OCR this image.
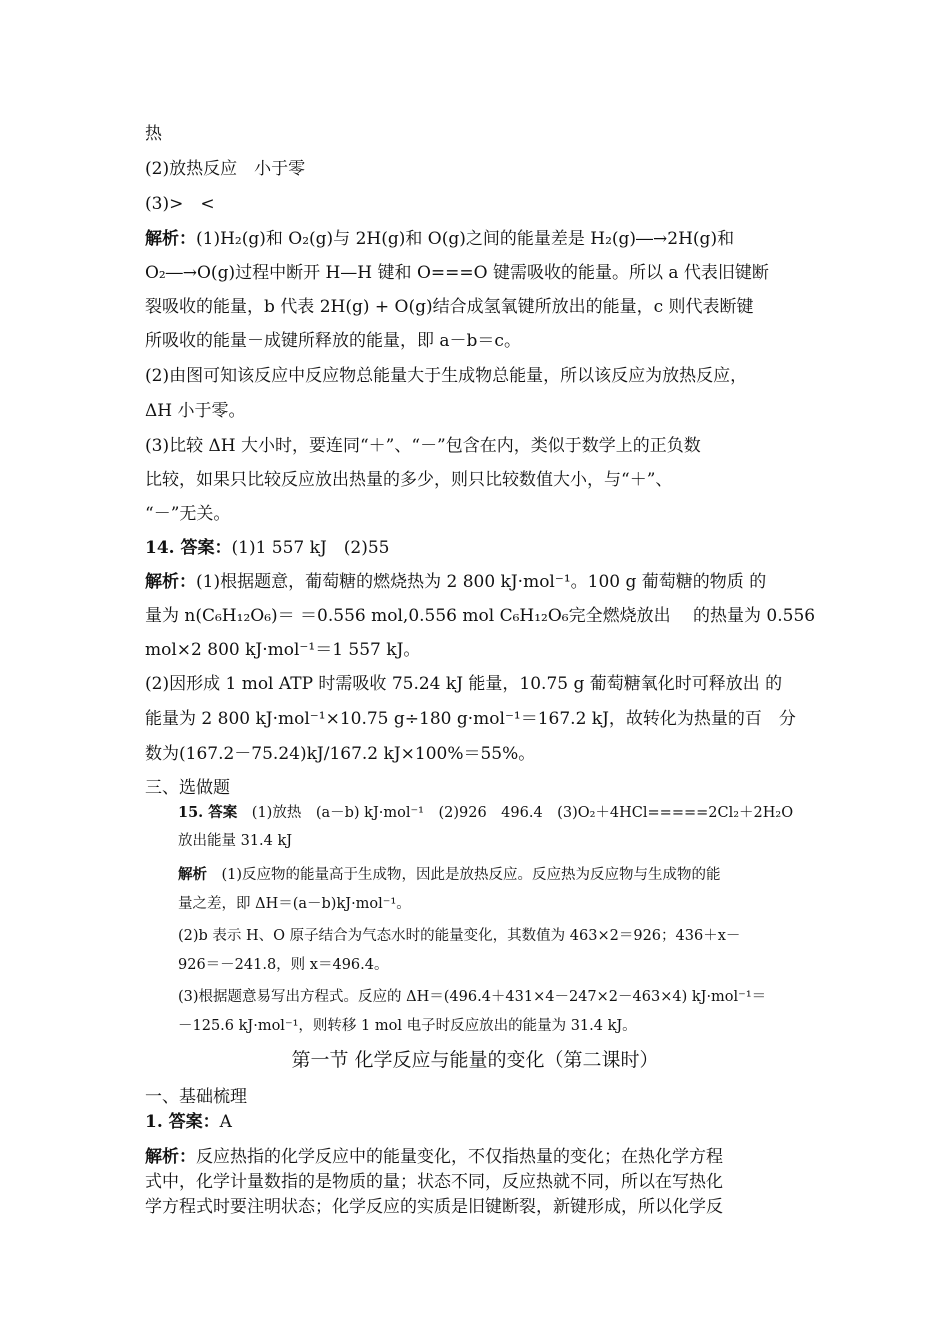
热
(2)放热反应　小于零
(3)>　<
解析：(1)H₂(g)和 O₂(g)与 2H(g)和 O(g)之间的能量差是 H₂(g)―→2H(g)和
O₂―→O(g)过程中断开 H—H 键和 O===O 键需吸收的能量。所以 a 代表旧键断
裂吸收的能量，b 代表 2H(g) + O(g)结合成氢氧键所放出的能量，c 则代表断键
所吸收的能量－成键所释放的能量，即 a－b＝c。
(2)由图可知该反应中反应物总能量大于生成物总能量，所以该反应为放热反应，
ΔH 小于零。
(3)比较 ΔH 大小时，要连同“＋”、“－”包含在内，类似于数学上的正负数
比较，如果只比较反应放出热量的多少，则只比较数值大小，与“＋”、
“－”无关。
14. 答案：(1)1 557 kJ　(2)55
解析：(1)根据题意，葡萄糖的燃烧热为 2 800 kJ·mol⁻¹。100 g 葡萄糖的物质 的
量为 n(C₆H₁₂O₆)＝ ＝0.556 mol,0.556 mol C₆H₁₂O₆完全燃烧放出　 的热量为 0.556
mol×2 800 kJ·mol⁻¹＝1 557 kJ。
(2)因形成 1 mol ATP 时需吸收 75.24 kJ 能量，10.75 g 葡萄糖氧化时可释放出 的
能量为 2 800 kJ·mol⁻¹×10.75 g÷180 g·mol⁻¹＝167.2 kJ，故转化为热量的百　分
数为(167.2－75.24)kJ/167.2 kJ×100%＝55%。
三、选做题
15. 答案　 (1)放热　(a－b) kJ·mol⁻¹　(2)926　496.4　(3)O₂＋4HCl=====2Cl₂＋2H₂O
放出能量 31.4 kJ
解析　 (1)反应物的能量高于生成物，因此是放热反应。反应热为反应物与生成物的能
量之差，即 ΔH＝(a－b)kJ·mol⁻¹。
(2)b 表示 H、O 原子结合为气态水时的能量变化，其数值为 463×2＝926；436＋x－
926＝－241.8，则 x＝496.4。
(3)根据题意易写出方程式。反应的 ΔH＝(496.4＋431×4－247×2－463×4) kJ·mol⁻¹＝
－125.6 kJ·mol⁻¹，则转移 1 mol 电子时反应放出的能量为 31.4 kJ。
第一节 化学反应与能量的变化（第二课时）
一、基础梳理
1. 答案：A
解析：反应热指的化学反应中的能量变化，不仅指热量的变化；在热化学方程
式中，化学计量数指的是物质的量；状态不同，反应热就不同，所以在写热化
学方程式时要注明状态；化学反应的实质是旧键断裂，新键形成，所以化学反
